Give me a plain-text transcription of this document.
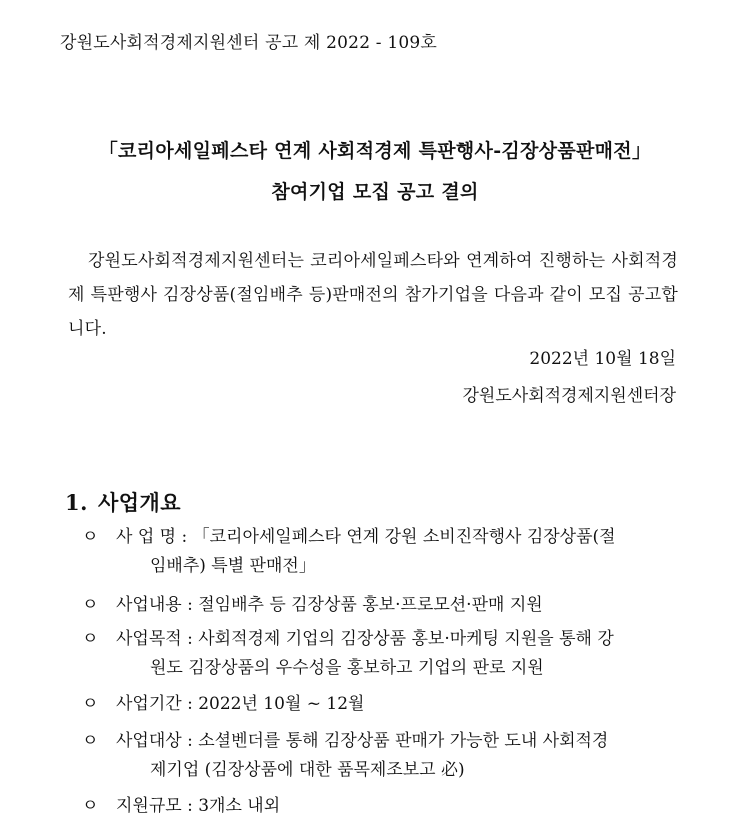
강원도사회적경제지원센터 공고 제 2022 - 109호
「코리아세일페스타 연계 사회적경제 특판행사-김장상품판매전」
참여기업 모집 공고 결의
강원도사회적경제지원센터는 코리아세일페스타와 연계하여 진행하는 사회적경제 특판행사 김장상품(절임배추 등)판매전의 참가기업을 다음과 같이 모집 공고합니다.
2022년 10월 18일
강원도사회적경제지원센터장
1. 사업개요
ㅇ	사 업 명 : 「코리아세일페스타 연계 강원 소비진작행사 김장상품(절
임배추) 특별 판매전」
ㅇ	사업내용 : 절임배추 등 김장상품 홍보·프로모션·판매 지원
ㅇ	사업목적 : 사회적경제 기업의 김장상품 홍보·마케팅 지원을 통해 강
원도 김장상품의 우수성을 홍보하고 기업의 판로 지원
ㅇ	사업기간 : 2022년 10월 ~ 12월
ㅇ	사업대상 : 소셜벤더를 통해 김장상품 판매가 가능한 도내 사회적경
제기업 (김장상품에 대한 품목제조보고 必)
ㅇ	지원규모 : 3개소 내외
